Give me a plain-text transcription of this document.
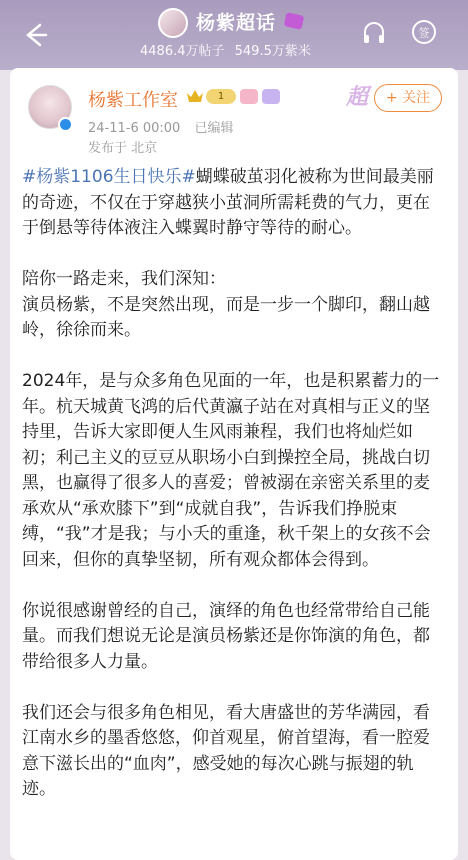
杨紫超话
4486.4万帖子 549.5万紫米
签
杨紫工作室	1
24-11-6 00:00 已编辑
发布于 北京
超	+ 关注

#杨紫1106生日快乐#蝴蝶破茧羽化被称为世间最美丽的奇迹，不仅在于穿越狭小茧洞所需耗费的气力，更在于倒悬等待体液注入蝶翼时静守等待的耐心。

陪你一路走来，我们深知：
演员杨紫，不是突然出现，而是一步一个脚印，翻山越岭，徐徐而来。

2024年，是与众多角色见面的一年，也是积累蓄力的一年。杭天城黄飞鸿的后代黄瀛子站在对真相与正义的坚持里，告诉大家即便人生风雨兼程，我们也将灿烂如初；利己主义的豆豆从职场小白到操控全局，挑战白切黑，也赢得了很多人的喜爱；曾被溺在亲密关系里的麦承欢从“承欢膝下”到“成就自我”，告诉我们挣脱束缚，“我”才是我；与小夭的重逢，秋千架上的女孩不会回来，但你的真挚坚韧，所有观众都体会得到。

你说很感谢曾经的自己，演绎的角色也经常带给自己能量。而我们想说无论是演员杨紫还是你饰演的角色，都带给很多人力量。

我们还会与很多角色相见，看大唐盛世的芳华满园，看江南水乡的墨香悠悠，仰首观星，俯首望海，看一腔爱意下滋长出的“血肉”，感受她的每次心跳与振翅的轨迹。
